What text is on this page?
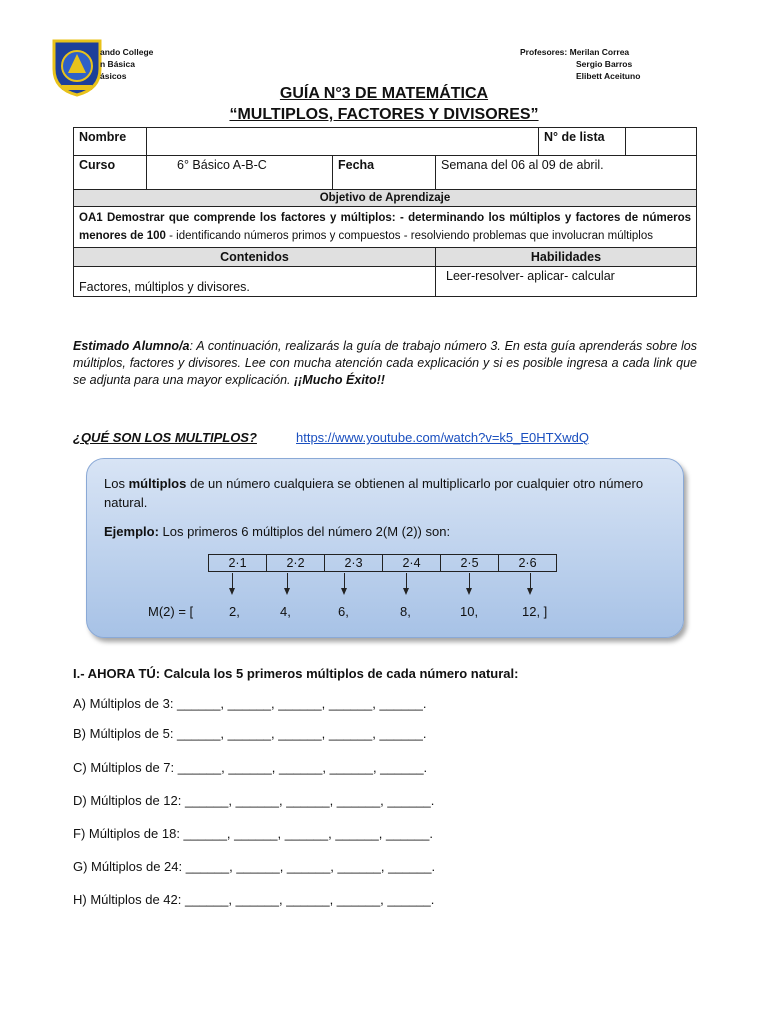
ando College
n Básica
ásicos
Profesores: Merilan Correa
Sergio Barros
Elibett Aceituno
GUÍA N°3 DE MATEMÁTICA
“MULTIPLOS, FACTORES Y DIVISORES”
Nombre				N° de lista	
Curso	6° Básico A-B-C	Fecha	Semana del 06 al 09 de abril.		
Objetivo de Aprendizaje					
OA1 Demostrar que comprende los factores y múltiplos: - determinando los múltiplos y factores de números menores de 100 - identificando números primos y compuestos - resolviendo problemas que involucran múltiplos					
Contenidos			Habilidades		
Factores, múltiplos y divisores.			Leer-resolver- aplicar- calcular		
Estimado Alumno/a: A continuación, realizarás la guía de trabajo número 3. En esta guía aprenderás sobre los múltiplos, factores y divisores. Lee con mucha atención cada explicación y si es posible ingresa a cada link que se adjunta para una mayor explicación. ¡¡Mucho Éxito!!
¿QUÉ SON LOS MULTIPLOS?	https://www.youtube.com/watch?v=k5_E0HTXwdQ
Los múltiplos de un número cualquiera se obtienen al multiplicarlo por cualquier otro número natural.
Ejemplo: Los primeros 6 múltiplos del número 2(M (2)) son:
2·1	2·2	2·3	2·4	2·5	2·6
M(2) = [	2,	4,	6,	8,	10,	12, ]
I.- AHORA TÚ: Calcula los 5 primeros múltiplos de cada número natural:
A) Múltiplos de 3: ______, ______, ______, ______, ______.
B) Múltiplos de 5: ______, ______, ______, ______, ______.
C) Múltiplos de 7: ______, ______, ______, ______, ______.
D) Múltiplos de 12: ______, ______, ______, ______, ______.
F) Múltiplos de 18: ______, ______, ______, ______, ______.
G) Múltiplos de 24: ______, ______, ______, ______, ______.
H) Múltiplos de 42: ______, ______, ______, ______, ______.
